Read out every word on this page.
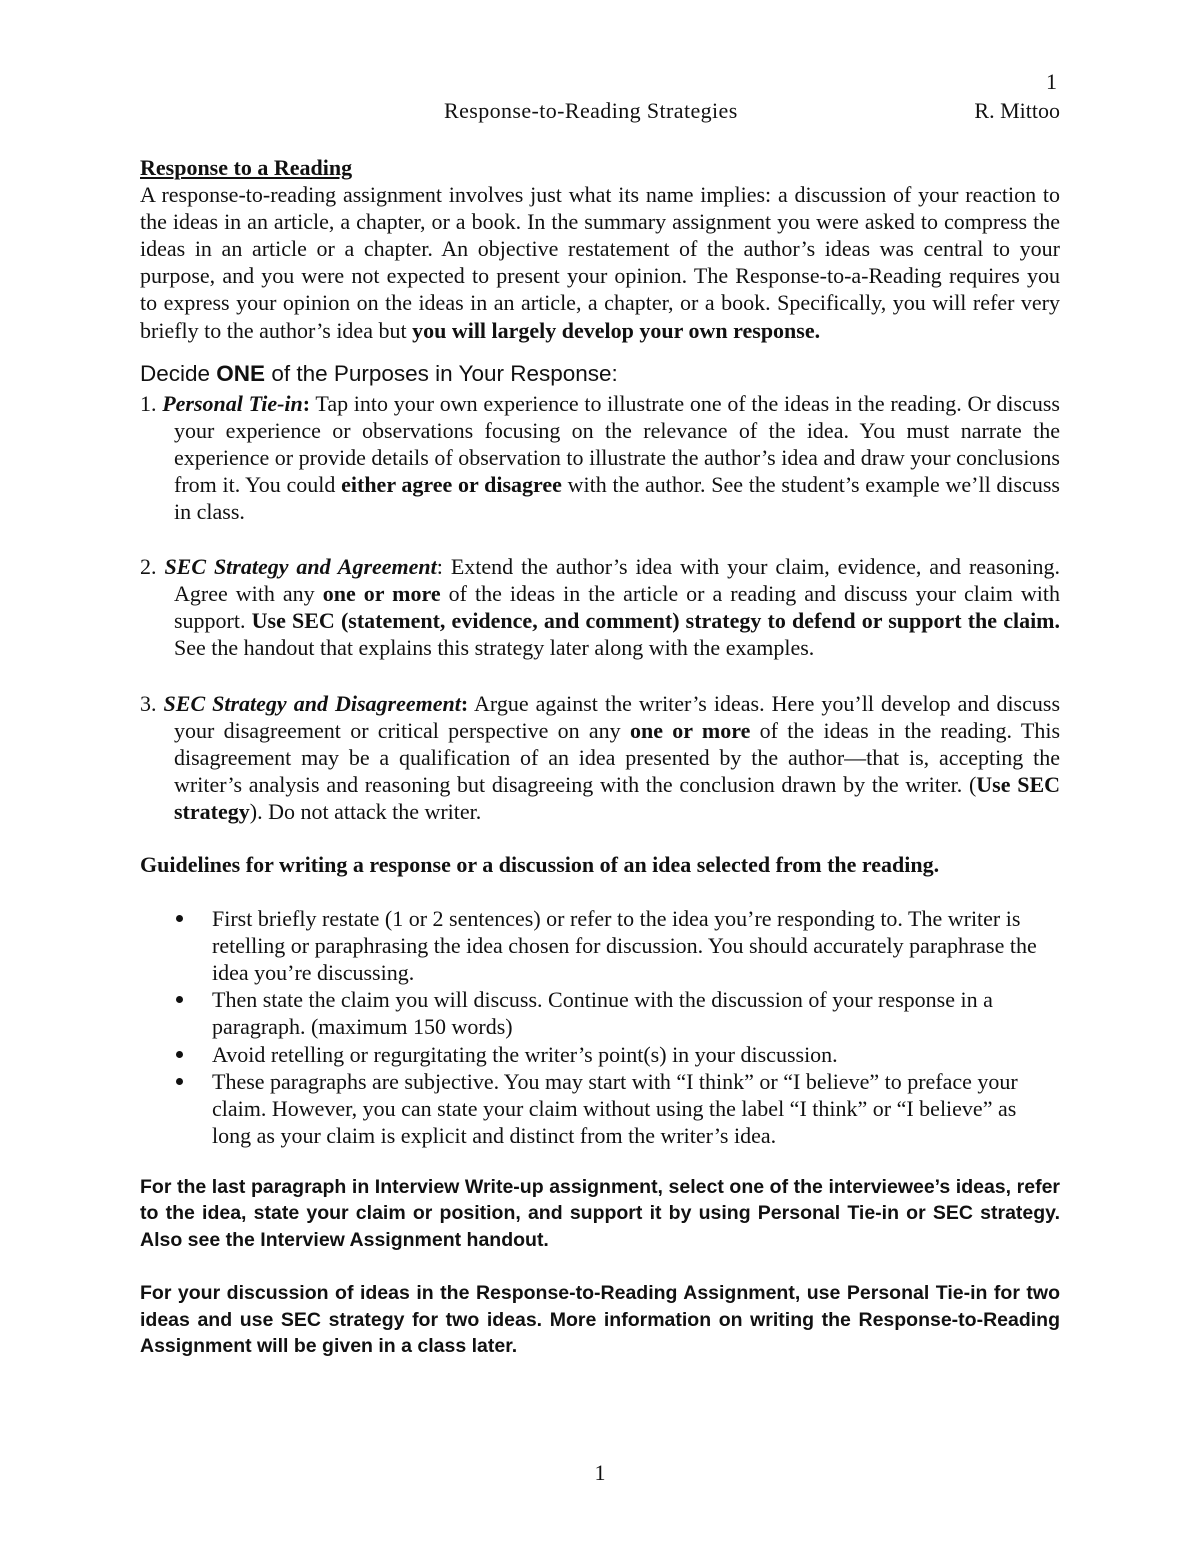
1
Response-to-Reading Strategies	R. Mittoo

Response to a Reading

A response-to-reading assignment involves just what its name implies: a discussion of your reaction to the ideas in an article, a chapter, or a book. In the summary assignment you were asked to compress the ideas in an article or a chapter. An objective restatement of the author’s ideas was central to your purpose, and you were not expected to present your opinion. The Response-to-a-Reading requires you to express your opinion on the ideas in an article, a chapter, or a book. Specifically, you will refer very briefly to the author’s idea but you will largely develop your own response.

Decide ONE of the Purposes in Your Response:

1. Personal Tie-in: Tap into your own experience to illustrate one of the ideas in the reading. Or discuss your experience or observations focusing on the relevance of the idea. You must narrate the experience or provide details of observation to illustrate the author’s idea and draw your conclusions from it. You could either agree or disagree with the author. See the student’s example we’ll discuss in class.

2. SEC Strategy and Agreement: Extend the author’s idea with your claim, evidence, and reasoning. Agree with any one or more of the ideas in the article or a reading and discuss your claim with support. Use SEC (statement, evidence, and comment) strategy to defend or support the claim. See the handout that explains this strategy later along with the examples.

3. SEC Strategy and Disagreement: Argue against the writer’s ideas. Here you’ll develop and discuss your disagreement or critical perspective on any one or more of the ideas in the reading. This disagreement may be a qualification of an idea presented by the author—that is, accepting the writer’s analysis and reasoning but disagreeing with the conclusion drawn by the writer. (Use SEC strategy). Do not attack the writer.

Guidelines for writing a response or a discussion of an idea selected from the reading.

First briefly restate (1 or 2 sentences) or refer to the idea you’re responding to. The writer is retelling or paraphrasing the idea chosen for discussion. You should accurately paraphrase the idea you’re discussing.
Then state the claim you will discuss. Continue with the discussion of your response in a paragraph. (maximum 150 words)
Avoid retelling or regurgitating the writer’s point(s) in your discussion.
These paragraphs are subjective. You may start with “I think” or “I believe” to preface your claim. However, you can state your claim without using the label “I think” or “I believe” as long as your claim is explicit and distinct from the writer’s idea.

For the last paragraph in Interview Write-up assignment, select one of the interviewee’s ideas, refer to the idea, state your claim or position, and support it by using Personal Tie-in or SEC strategy. Also see the Interview Assignment handout.

For your discussion of ideas in the Response-to-Reading Assignment, use Personal Tie-in for two ideas and use SEC strategy for two ideas. More information on writing the Response-to-Reading Assignment will be given in a class later.

1
